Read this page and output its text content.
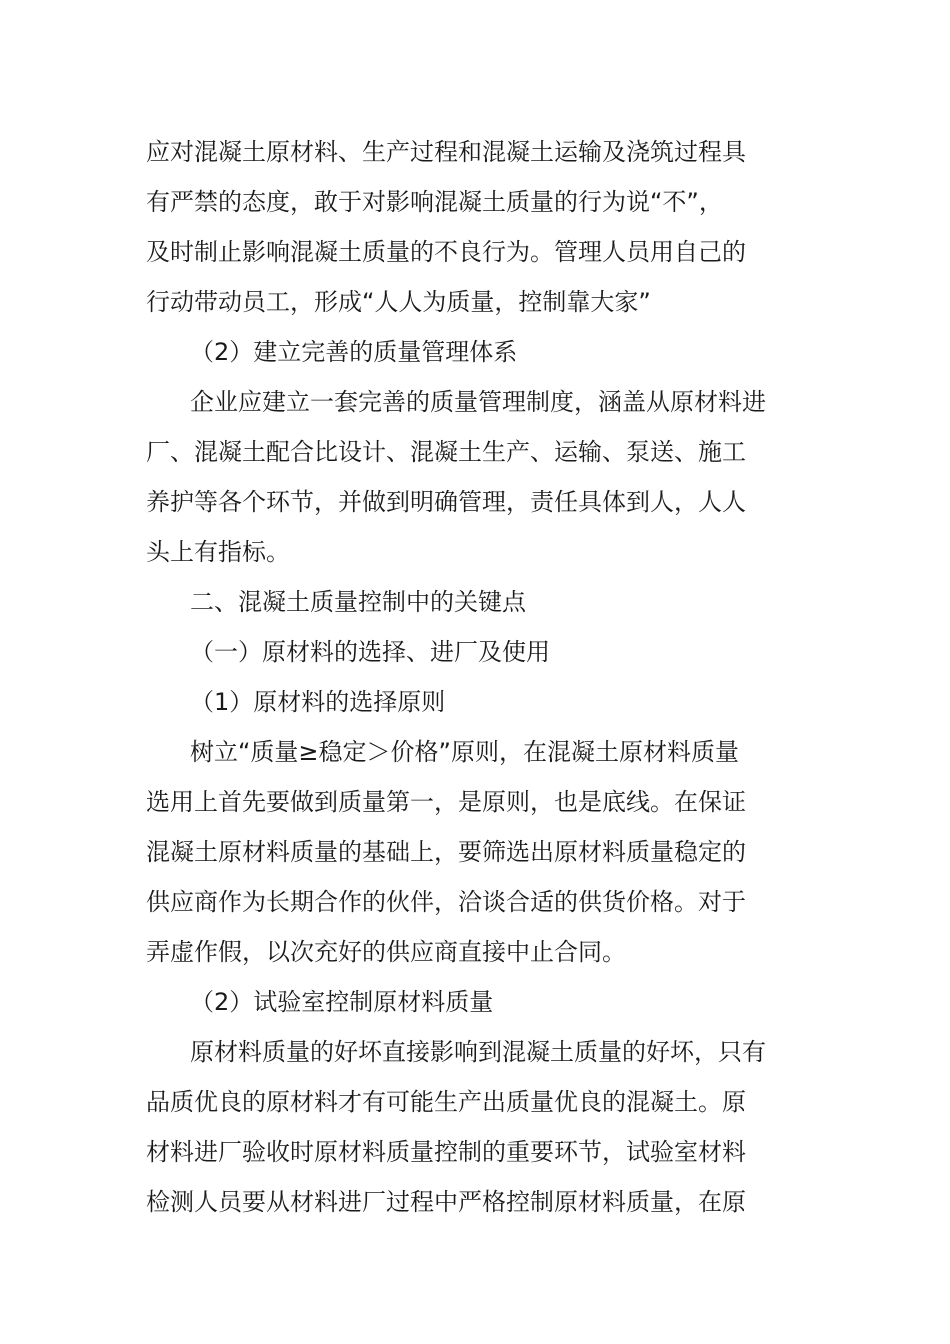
应对混凝土原材料、生产过程和混凝土运输及浇筑过程具
有严禁的态度，敢于对影响混凝土质量的行为说“不”，
及时制止影响混凝土质量的不良行为。管理人员用自己的
行动带动员工，形成“人人为质量，控制靠大家”
（2）建立完善的质量管理体系
企业应建立一套完善的质量管理制度，涵盖从原材料进
厂、混凝土配合比设计、混凝土生产、运输、泵送、施工
养护等各个环节，并做到明确管理，责任具体到人，人人
头上有指标。
二、混凝土质量控制中的关键点
（一）原材料的选择、进厂及使用
（1）原材料的选择原则
树立“质量≥稳定＞价格”原则，在混凝土原材料质量
选用上首先要做到质量第一，是原则，也是底线。在保证
混凝土原材料质量的基础上，要筛选出原材料质量稳定的
供应商作为长期合作的伙伴，洽谈合适的供货价格。对于
弄虚作假，以次充好的供应商直接中止合同。
（2）试验室控制原材料质量
原材料质量的好坏直接影响到混凝土质量的好坏，只有
品质优良的原材料才有可能生产出质量优良的混凝土。原
材料进厂验收时原材料质量控制的重要环节，试验室材料
检测人员要从材料进厂过程中严格控制原材料质量，在原
